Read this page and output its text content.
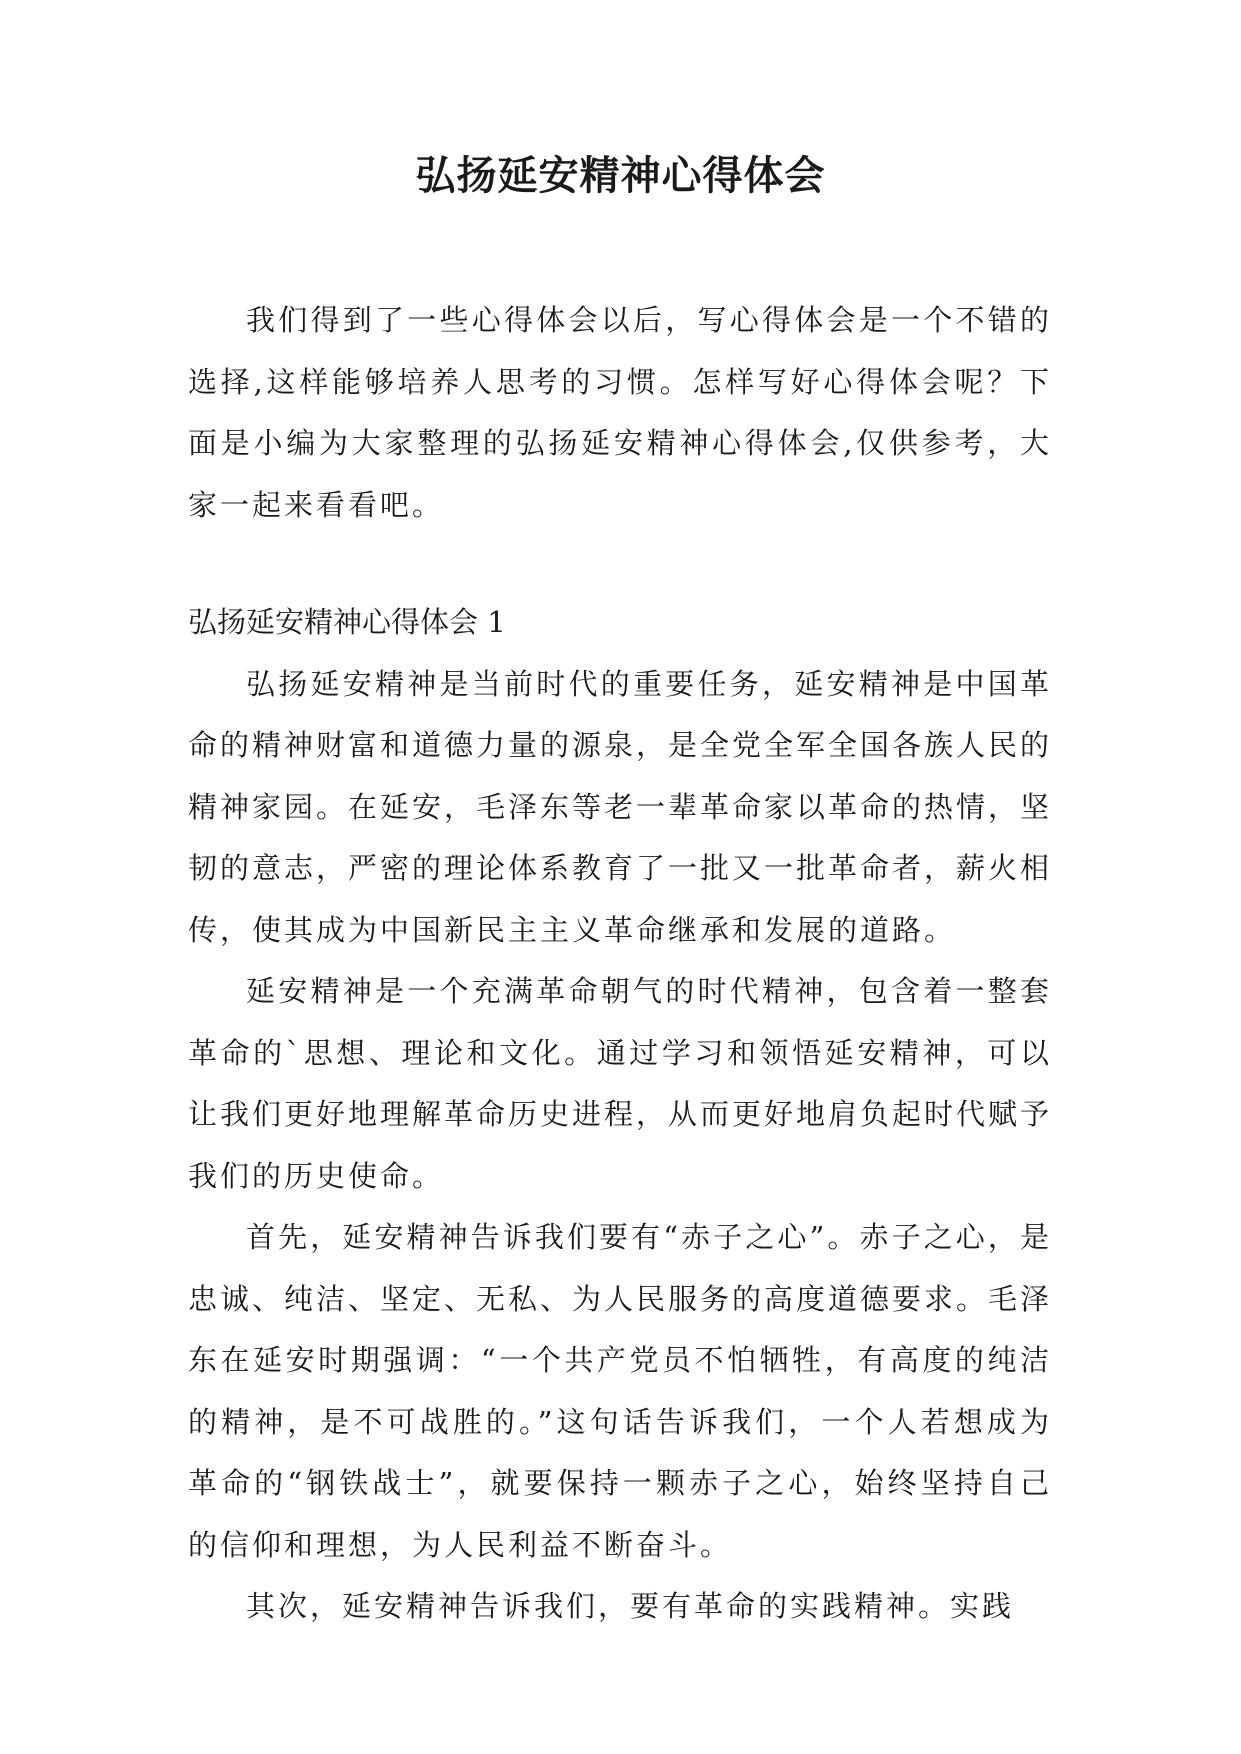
弘扬延安精神心得体会

我们得到了一些心得体会以后，写心得体会是一个不错的选择,这样能够培养人思考的习惯。怎样写好心得体会呢？下面是小编为大家整理的弘扬延安精神心得体会,仅供参考，大家一起来看看吧。

弘扬延安精神心得体会 1

弘扬延安精神是当前时代的重要任务，延安精神是中国革命的精神财富和道德力量的源泉，是全党全军全国各族人民的精神家园。在延安，毛泽东等老一辈革命家以革命的热情，坚韧的意志，严密的理论体系教育了一批又一批革命者，薪火相传，使其成为中国新民主主义革命继承和发展的道路。

延安精神是一个充满革命朝气的时代精神，包含着一整套革命的`思想、理论和文化。通过学习和领悟延安精神，可以让我们更好地理解革命历史进程，从而更好地肩负起时代赋予我们的历史使命。

首先，延安精神告诉我们要有“赤子之心”。赤子之心，是忠诚、纯洁、坚定、无私、为人民服务的高度道德要求。毛泽东在延安时期强调：“一个共产党员不怕牺牲，有高度的纯洁的精神，是不可战胜的。”这句话告诉我们，一个人若想成为革命的“钢铁战士”，就要保持一颗赤子之心，始终坚持自己的信仰和理想，为人民利益不断奋斗。

其次，延安精神告诉我们，要有革命的实践精神。实践
